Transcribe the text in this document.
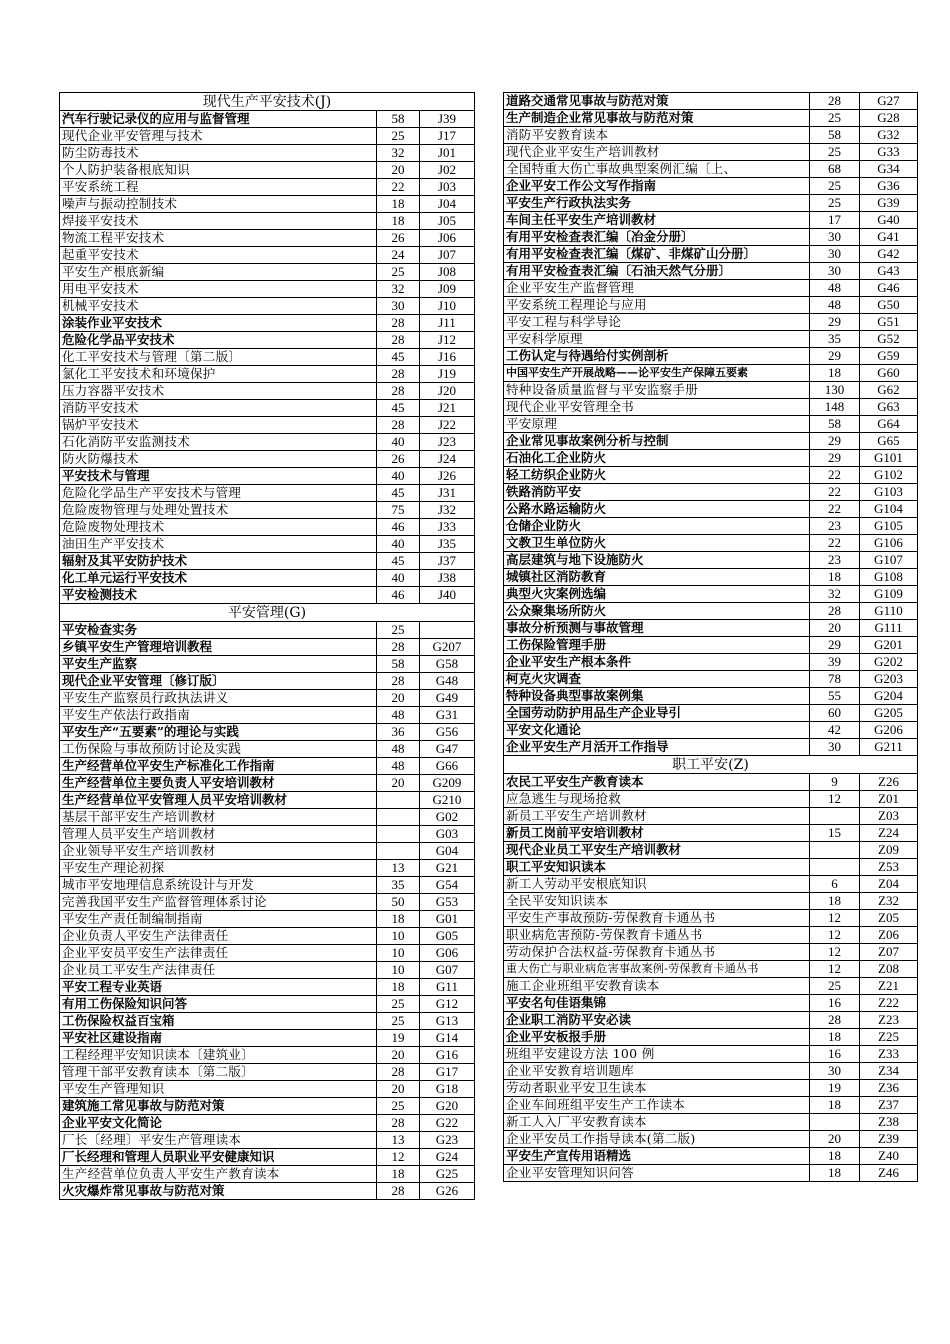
现代生产平安技术(J)		
汽车行驶记录仪的应用与监督管理	58	J39
现代企业平安管理与技术	25	J17
防尘防毒技术	32	J01
个人防护装备根底知识	20	J02
平安系统工程	22	J03
噪声与振动控制技术	18	J04
焊接平安技术	18	J05
物流工程平安技术	26	J06
起重平安技术	24	J07
平安生产根底新编	25	J08
用电平安技术	32	J09
机械平安技术	30	J10
涂装作业平安技术	28	J11
危险化学品平安技术	28	J12
化工平安技术与管理〔第二版〕	45	J16
氯化工平安技术和环境保护	28	J19
压力容器平安技术	28	J20
消防平安技术	45	J21
锅炉平安技术	28	J22
石化消防平安监测技术	40	J23
防火防爆技术	26	J24
平安技术与管理	40	J26
危险化学品生产平安技术与管理	45	J31
危险废物管理与处理处置技术	75	J32
危险废物处理技术	46	J33
油田生产平安技术	40	J35
辐射及其平安防护技术	45	J37
化工单元运行平安技术	40	J38
平安检测技术	46	J40
平安管理(G)		
平安检查实务	25	
乡镇平安生产管理培训教程	28	G207
平安生产监察	58	G58
现代企业平安管理〔修订版〕	28	G48
平安生产监察员行政执法讲义	20	G49
平安生产依法行政指南	48	G31
平安生产“五要素”的理论与实践	36	G56
工伤保险与事故预防讨论及实践	48	G47
生产经营单位平安生产标准化工作指南	48	G66
生产经营单位主要负责人平安培训教材	20	G209
生产经营单位平安管理人员平安培训教材		G210
基层干部平安生产培训教材		G02
管理人员平安生产培训教材		G03
企业领导平安生产培训教材		G04
平安生产理论初探	13	G21
城市平安地理信息系统设计与开发	35	G54
完善我国平安生产监督管理体系讨论	50	G53
平安生产责任制编制指南	18	G01
企业负责人平安生产法律责任	10	G05
企业平安员平安生产法律责任	10	G06
企业员工平安生产法律责任	10	G07
平安工程专业英语	18	G11
有用工伤保险知识问答	25	G12
工伤保险权益百宝箱	25	G13
平安社区建设指南	19	G14
工程经理平安知识读本〔建筑业〕	20	G16
管理干部平安教育读本〔第二版〕	28	G17
平安生产管理知识	20	G18
建筑施工常见事故与防范对策	25	G20
企业平安文化简论	28	G22
厂长〔经理〕平安生产管理读本	13	G23
厂长经理和管理人员职业平安健康知识	12	G24
生产经营单位负责人平安生产教育读本	18	G25
火灾爆炸常见事故与防范对策	28	G26
道路交通常见事故与防范对策	28	G27
生产制造企业常见事故与防范对策	25	G28
消防平安教育读本	58	G32
现代企业平安生产培训教材	25	G33
全国特重大伤亡事故典型案例汇编〔上、	68	G34
企业平安工作公文写作指南	25	G36
平安生产行政执法实务	25	G39
车间主任平安生产培训教材	17	G40
有用平安检查表汇编〔冶金分册〕	30	G41
有用平安检查表汇编〔煤矿、非煤矿山分册〕	30	G42
有用平安检查表汇编〔石油天然气分册〕	30	G43
企业平安生产监督管理	48	G46
平安系统工程理论与应用	48	G50
平安工程与科学导论	29	G51
平安科学原理	35	G52
工伤认定与待遇给付实例剖析	29	G59
中国平安生产开展战略——论平安生产保障五要素	18	G60
特种设备质量监督与平安监察手册	130	G62
现代企业平安管理全书	148	G63
平安原理	58	G64
企业常见事故案例分析与控制	29	G65
石油化工企业防火	29	G101
轻工纺织企业防火	22	G102
铁路消防平安	22	G103
公路水路运输防火	22	G104
仓储企业防火	23	G105
文教卫生单位防火	22	G106
高层建筑与地下设施防火	23	G107
城镇社区消防教育	18	G108
典型火灾案例选编	32	G109
公众聚集场所防火	28	G110
事故分析预测与事故管理	20	G111
工伤保险管理手册	29	G201
企业平安生产根本条件	39	G202
柯克火灾调查	78	G203
特种设备典型事故案例集	55	G204
全国劳动防护用品生产企业导引	60	G205
平安文化通论	42	G206
企业平安生产月活开工作指导	30	G211
职工平安(Z)		
农民工平安生产教育读本	9	Z26
应急逃生与现场抢救	12	Z01
新员工平安生产培训教材		Z03
新员工岗前平安培训教材	15	Z24
现代企业员工平安生产培训教材		Z09
职工平安知识读本		Z53
新工人劳动平安根底知识	6	Z04
全民平安知识读本	18	Z32
平安生产事故预防-劳保教育卡通丛书	12	Z05
职业病危害预防-劳保教育卡通丛书	12	Z06
劳动保护合法权益-劳保教育卡通丛书	12	Z07
重大伤亡与职业病危害事故案例-劳保教育卡通丛书	12	Z08
施工企业班组平安教育读本	25	Z21
平安名句佳语集锦	16	Z22
企业职工消防平安必读	28	Z23
企业平安板报手册	18	Z25
班组平安建设方法 100 例	16	Z33
企业平安教育培训题库	30	Z34
劳动者职业平安卫生读本	19	Z36
企业车间班组平安生产工作读本	18	Z37
新工人入厂平安教育读本		Z38
企业平安员工作指导读本(第二版)	20	Z39
平安生产宣传用语精选	18	Z40
企业平安管理知识问答	18	Z46
